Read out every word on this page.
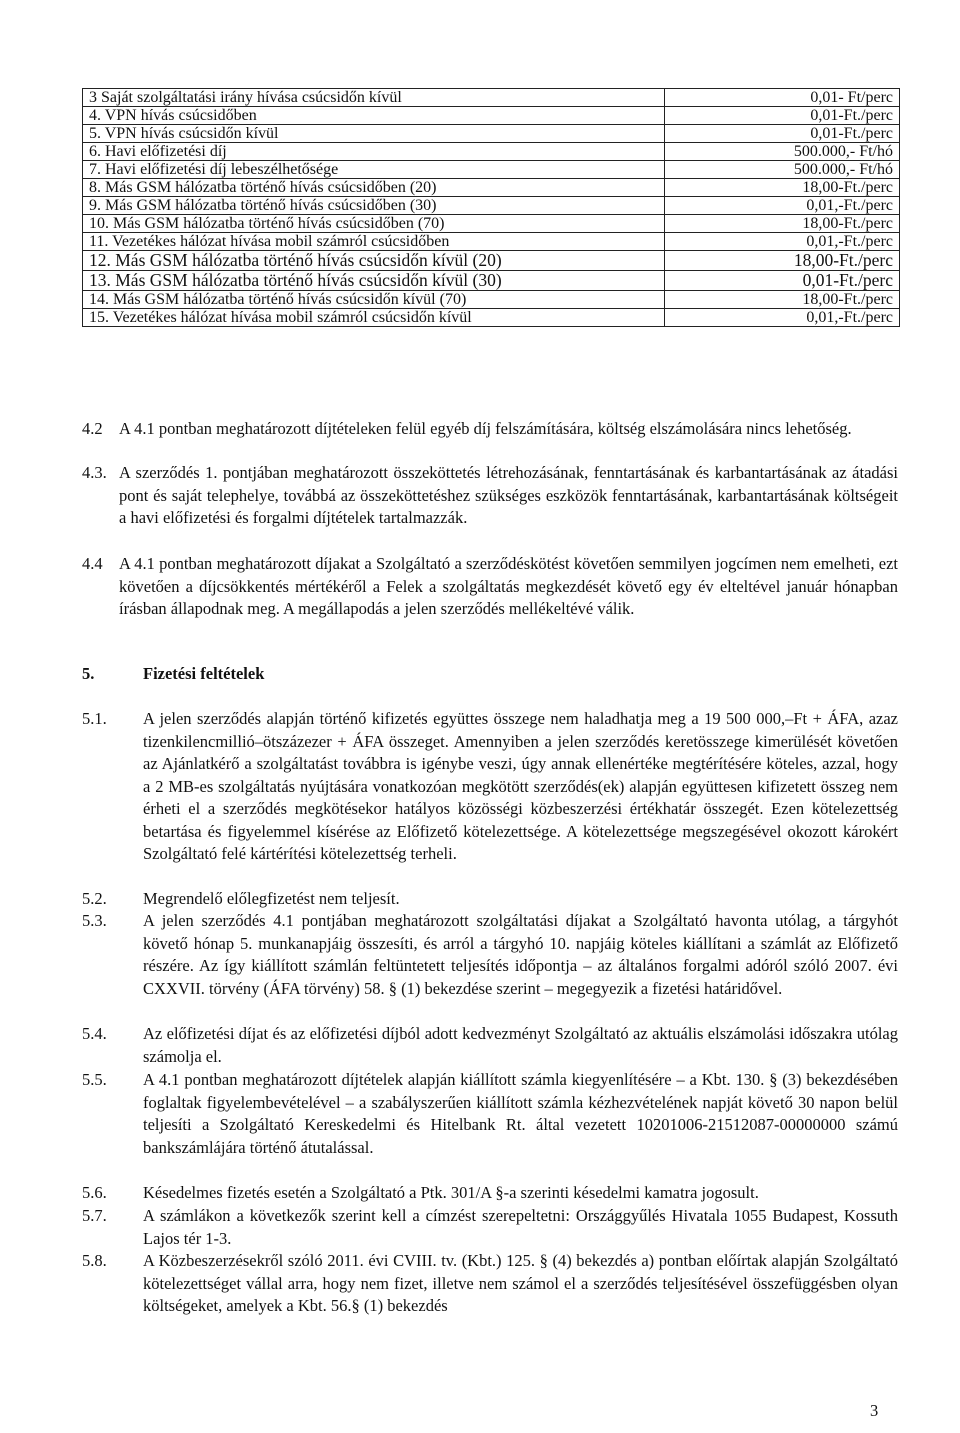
3 Saját szolgáltatási irány hívása csúcsidőn kívül	0,01- Ft/perc
4. VPN hívás csúcsidőben	0,01-Ft./perc
5. VPN hívás csúcsidőn kívül	0,01-Ft./perc
6. Havi előfizetési díj	500.000,- Ft/hó
7. Havi előfizetési díj lebeszélhetősége	500.000,- Ft/hó
8. Más GSM hálózatba történő hívás csúcsidőben (20)	18,00-Ft./perc
9. Más GSM hálózatba történő hívás csúcsidőben (30)	0,01,-Ft./perc
10. Más GSM hálózatba történő hívás csúcsidőben (70)	18,00-Ft./perc
11. Vezetékes hálózat hívása mobil számról csúcsidőben	0,01,-Ft./perc
12. Más GSM hálózatba történő hívás csúcsidőn kívül (20)	18,00-Ft./perc
13. Más GSM hálózatba történő hívás csúcsidőn kívül (30)	0,01-Ft./perc
14. Más GSM hálózatba történő hívás csúcsidőn kívül (70)	18,00-Ft./perc
15. Vezetékes hálózat hívása mobil számról csúcsidőn kívül	0,01,-Ft./perc
4.2 A 4.1 pontban meghatározott díjtételeken felül egyéb díj felszámítására, költség elszámolására nincs lehetőség.
4.3. A szerződés 1. pontjában meghatározott összeköttetés létrehozásának, fenntartásának és karbantartásának az átadási pont és saját telephelye, továbbá az összeköttetéshez szükséges eszközök fenntartásának, karbantartásának költségeit a havi előfizetési és forgalmi díjtételek tartalmazzák.
4.4 A 4.1 pontban meghatározott díjakat a Szolgáltató a szerződéskötést követően semmilyen jogcímen nem emelheti, ezt követően a díjcsökkentés mértékéről a Felek a szolgáltatás megkezdését követő egy év elteltével január hónapban írásban állapodnak meg. A megállapodás a jelen szerződés mellékeltévé válik.
5.	Fizetési feltételek
5.1. A jelen szerződés alapján történő kifizetés együttes összege nem haladhatja meg a 19 500 000,–Ft + ÁFA, azaz tizenkilencmillió–ötszázezer + ÁFA összeget. Amennyiben a jelen szerződés keretösszege kimerülését követően az Ajánlatkérő a szolgáltatást továbbra is igénybe veszi, úgy annak ellenértéke megtérítésére köteles, azzal, hogy a 2 MB-es szolgáltatás nyújtására vonatkozóan megkötött szerződés(ek) alapján együttesen kifizetett összeg nem érheti el a szerződés megkötésekor hatályos közösségi közbeszerzési értékhatár összegét. Ezen kötelezettség betartása és figyelemmel kísérése az Előfizető kötelezettsége. A kötelezettsége megszegésével okozott károkért Szolgáltató felé kártérítési kötelezettség terheli.
5.2. Megrendelő előlegfizetést nem teljesít.
5.3. A jelen szerződés 4.1 pontjában meghatározott szolgáltatási díjakat a Szolgáltató havonta utólag, a tárgyhót követő hónap 5. munkanapjáig összesíti, és arról a tárgyhó 10. napjáig köteles kiállítani a számlát az Előfizető részére. Az így kiállított számlán feltüntetett teljesítés időpontja – az általános forgalmi adóról szóló 2007. évi CXXVII. törvény (ÁFA törvény) 58. § (1) bekezdése szerint – megegyezik a fizetési határidővel.
5.4. Az előfizetési díjat és az előfizetési díjból adott kedvezményt Szolgáltató az aktuális elszámolási időszakra utólag számolja el.
5.5. A 4.1 pontban meghatározott díjtételek alapján kiállított számla kiegyenlítésére – a Kbt. 130. § (3) bekezdésében foglaltak figyelembevételével – a szabályszerűen kiállított számla kézhezvételének napját követő 30 napon belül teljesíti a Szolgáltató Kereskedelmi és Hitelbank Rt. által vezetett 10201006-21512087-00000000 számú bankszámlájára történő átutalással.
5.6. Késedelmes fizetés esetén a Szolgáltató a Ptk. 301/A §-a szerinti késedelmi kamatra jogosult.
5.7. A számlákon a következők szerint kell a címzést szerepeltetni: Országgyűlés Hivatala 1055 Budapest, Kossuth Lajos tér 1-3.
5.8. A Közbeszerzésekről szóló 2011. évi CVIII. tv. (Kbt.) 125. § (4) bekezdés a) pontban előírtak alapján Szolgáltató kötelezettséget vállal arra, hogy nem fizet, illetve nem számol el a szerződés teljesítésével összefüggésben olyan költségeket, amelyek a Kbt. 56.§ (1) bekezdés
3
